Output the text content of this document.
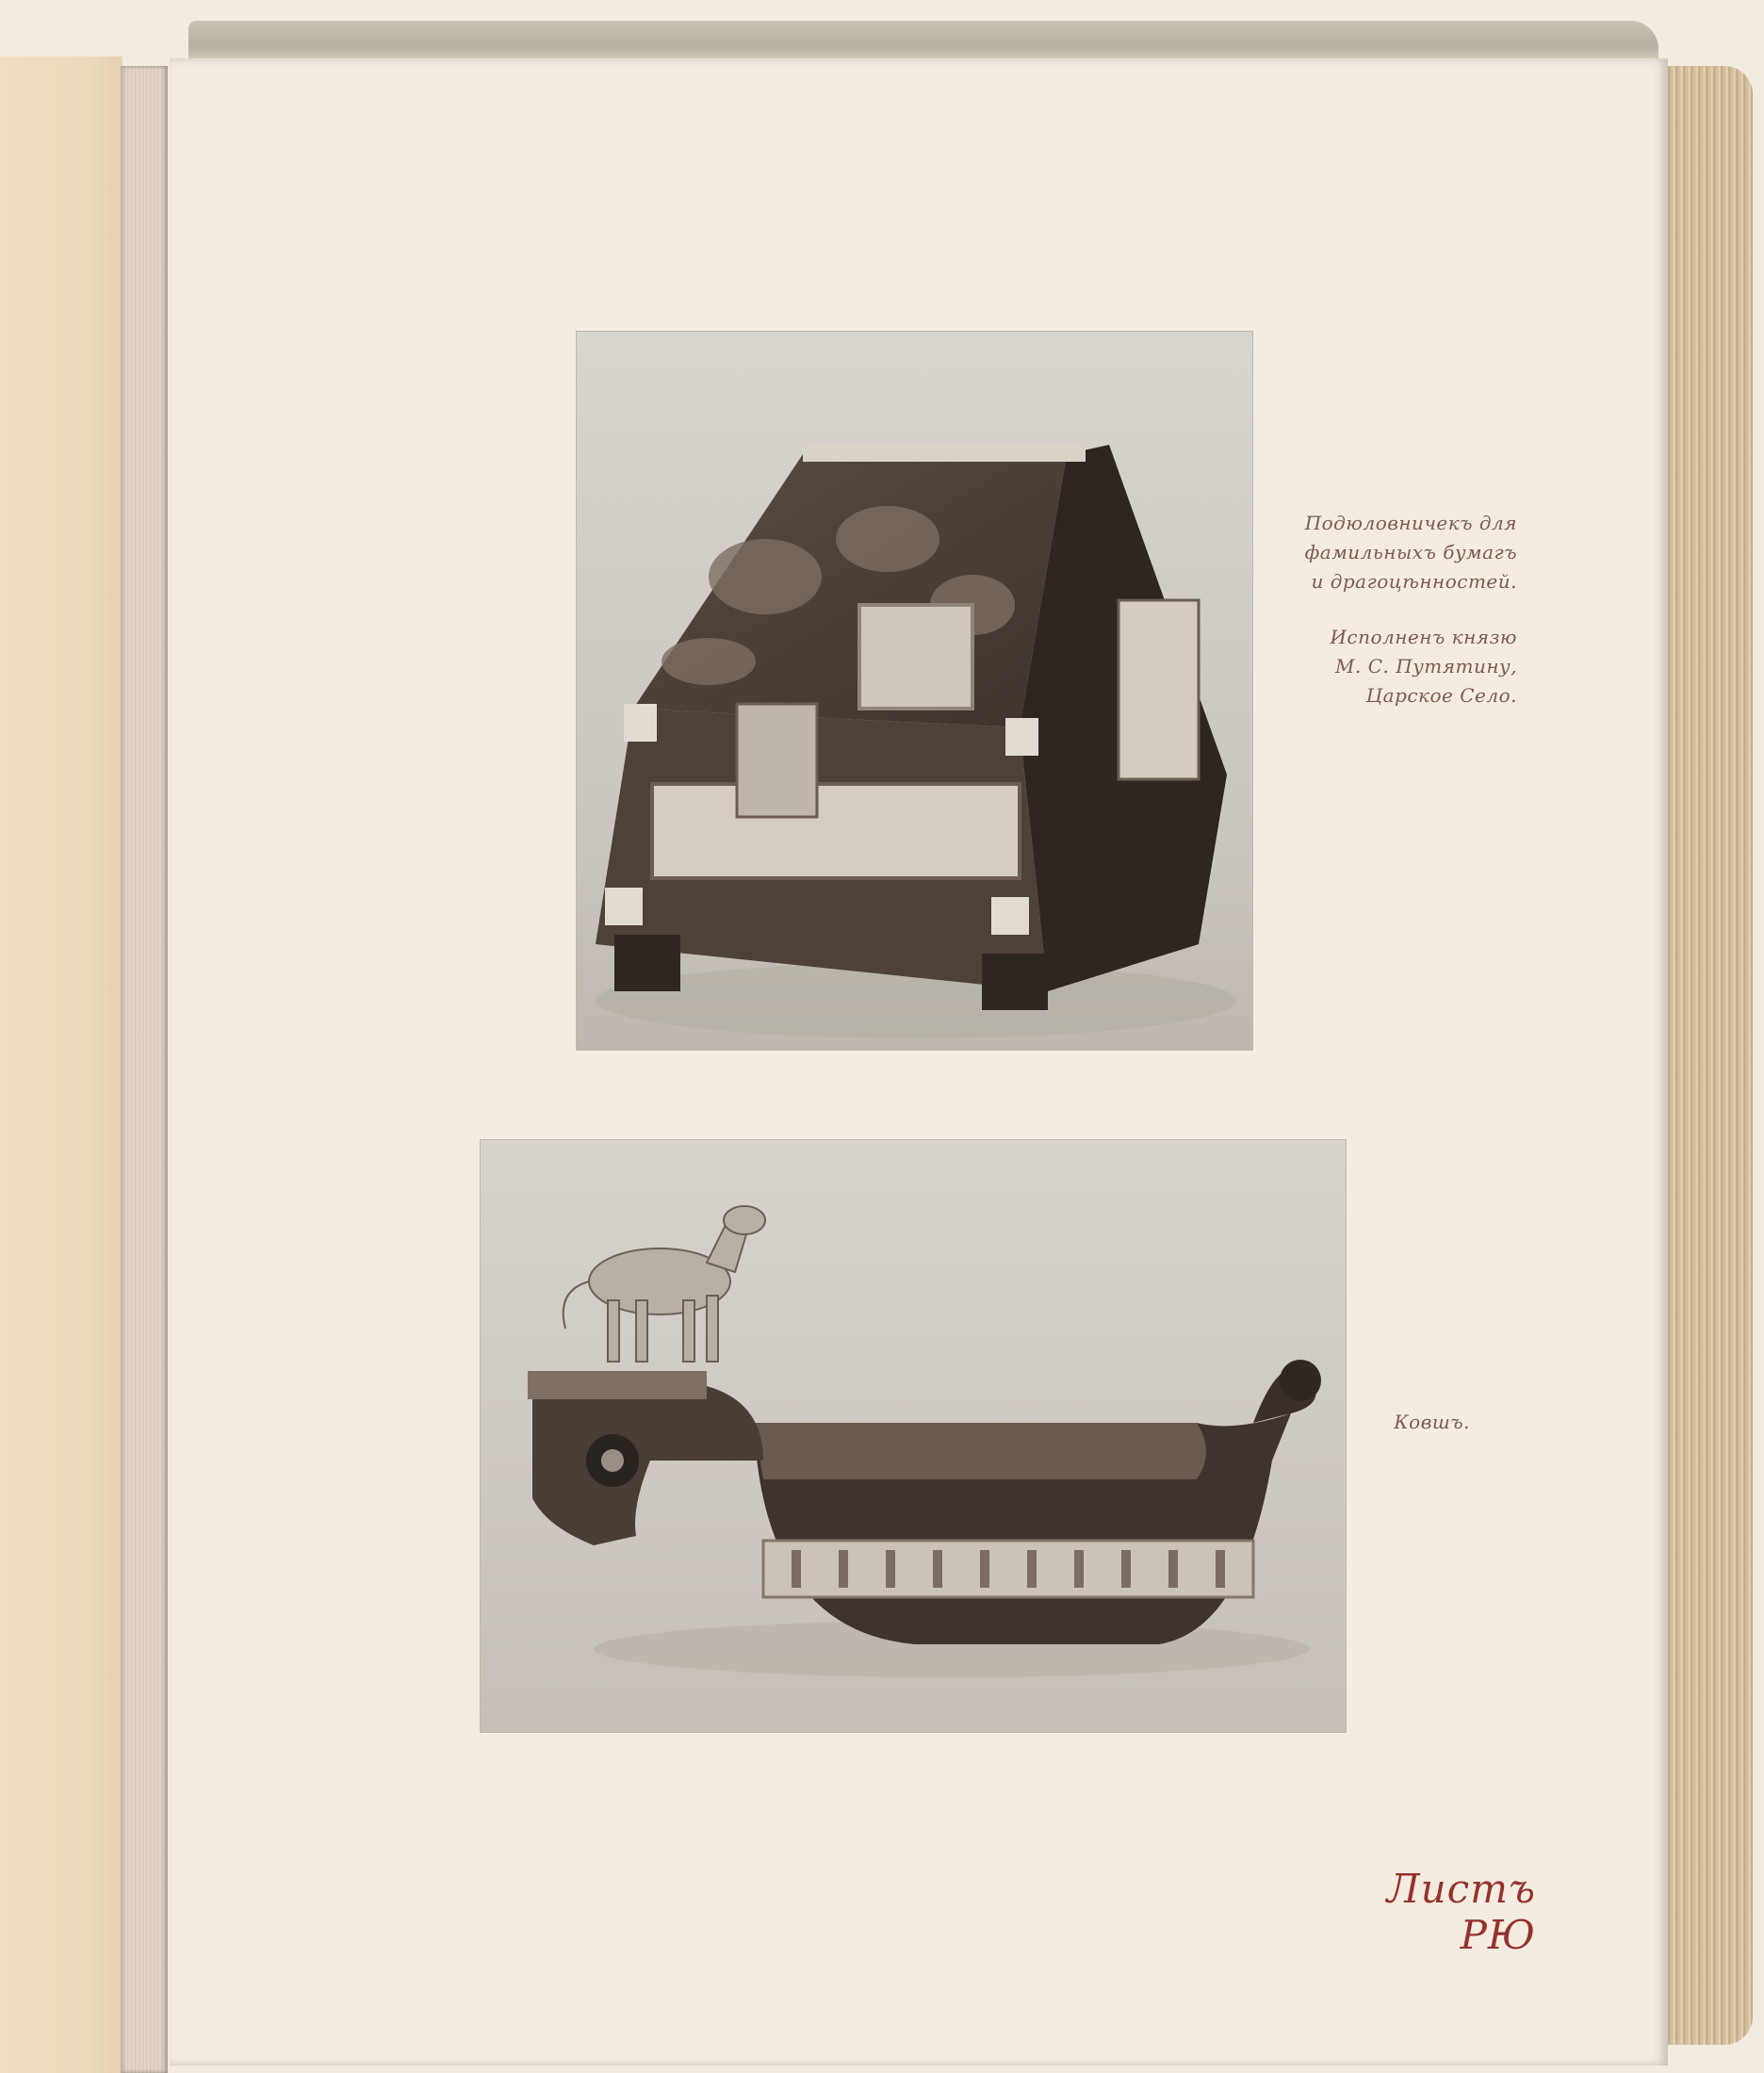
Подюловничекъ для
фамильныхъ бумагъ
и драгоцѣнностей.

Исполненъ князю
М. С. Путятину,
Царское Село.

Ковшъ.
Листъ РЮ
